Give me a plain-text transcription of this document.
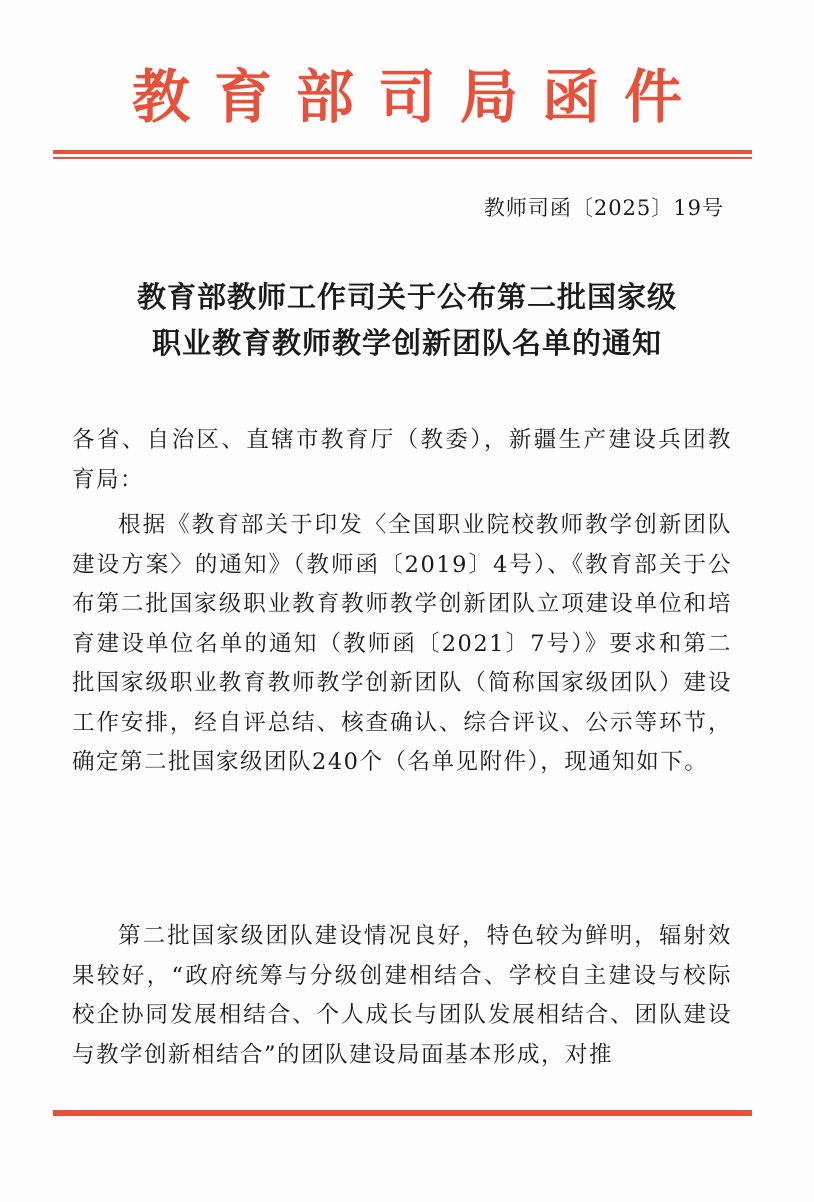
教育部司局函件
教师司函〔2025〕19号
教育部教师工作司关于公布第二批国家级
职业教育教师教学创新团队名单的通知
各省、自治区、直辖市教育厅（教委），新疆生产建设兵团教育局：
根据《教育部关于印发〈全国职业院校教师教学创新团队建设方案〉的通知》（教师函〔2019〕4号）、《教育部关于公布第二批国家级职业教育教师教学创新团队立项建设单位和培育建设单位名单的通知（教师函〔2021〕7号）》要求和第二批国家级职业教育教师教学创新团队（简称国家级团队）建设工作安排，经自评总结、核查确认、综合评议、公示等环节，确定第二批国家级团队240个（名单见附件），现通知如下。
第二批国家级团队建设情况良好，特色较为鲜明，辐射效果较好，“政府统筹与分级创建相结合、学校自主建设与校际校企协同发展相结合、个人成长与团队发展相结合、团队建设与教学创新相结合”的团队建设局面基本形成，对推
